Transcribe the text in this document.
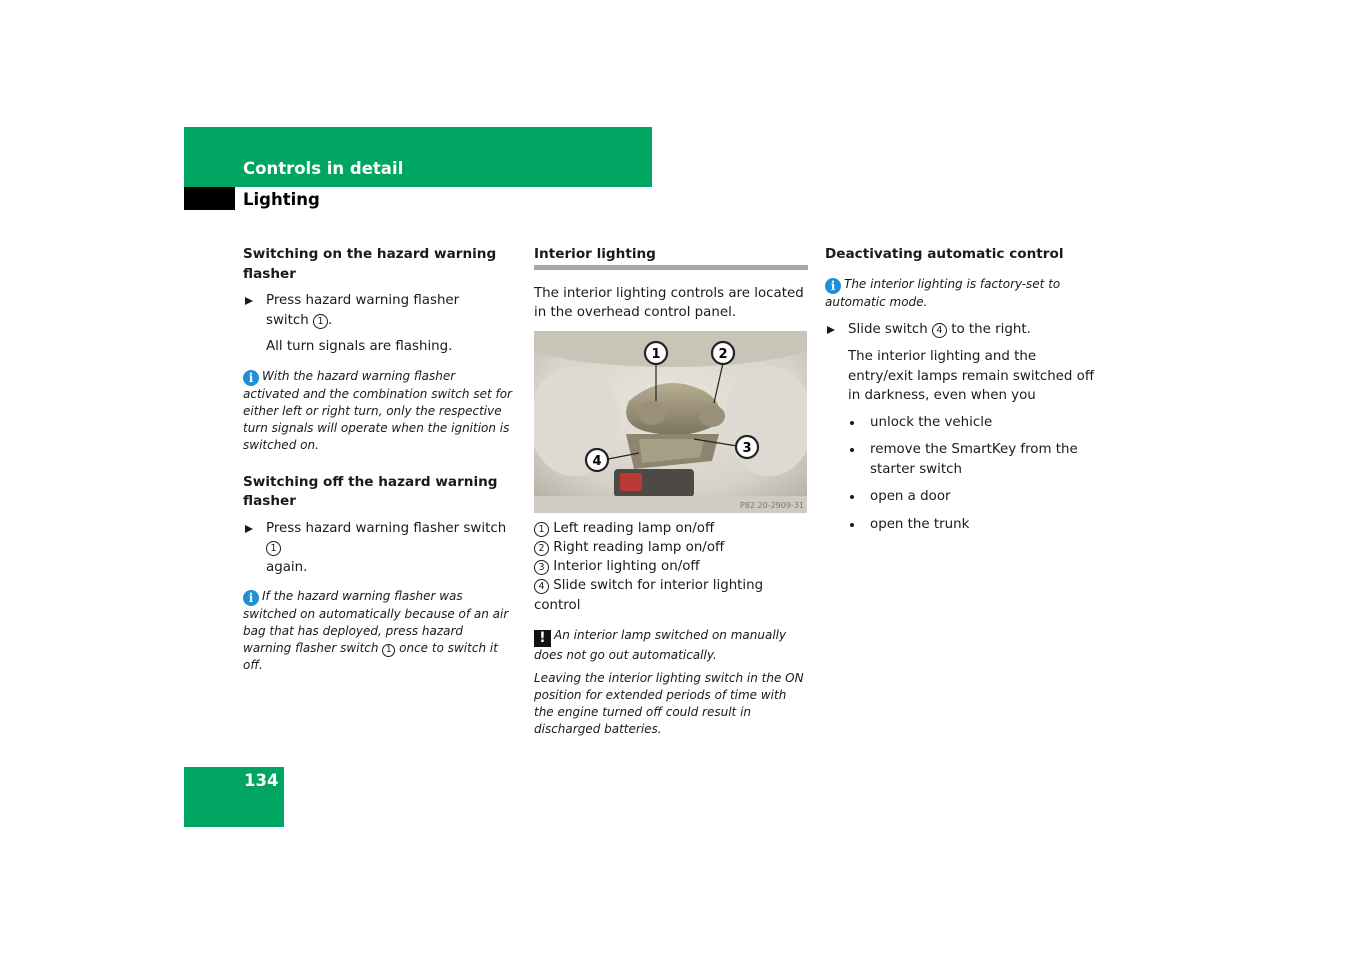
Controls in detail
Lighting

Switching on the hazard warning flasher

Press hazard warning flasher
switch 1 .

All turn signals are flashing.

i With the hazard warning flasher activated and the combination switch set for either left or right turn, only the respective turn signals will operate when the ignition is switched on.

Switching off the hazard warning flasher

Press hazard warning flasher switch 1
again.

i If the hazard warning flasher was switched on automatically because of an air bag that has deployed, press hazard warning flasher switch 1 once to switch it off.

Interior lighting

The interior lighting controls are located in the overhead control panel.

1	2
3
4
P82.20-2909-31

1 Left reading lamp on/off

2 Right reading lamp on/off

3 Interior lighting on/off

4 Slide switch for interior lighting control

! An interior lamp switched on manually does not go out automatically.

Leaving the interior lighting switch in the ON position for extended periods of time with the engine turned off could result in discharged batteries.

Deactivating automatic control

i The interior lighting is factory-set to automatic mode.

Slide switch 4 to the right.

The interior lighting and the entry/exit lamps remain switched off in darkness, even when you

unlock the vehicle

remove the SmartKey from the starter switch

open a door

open the trunk

134
